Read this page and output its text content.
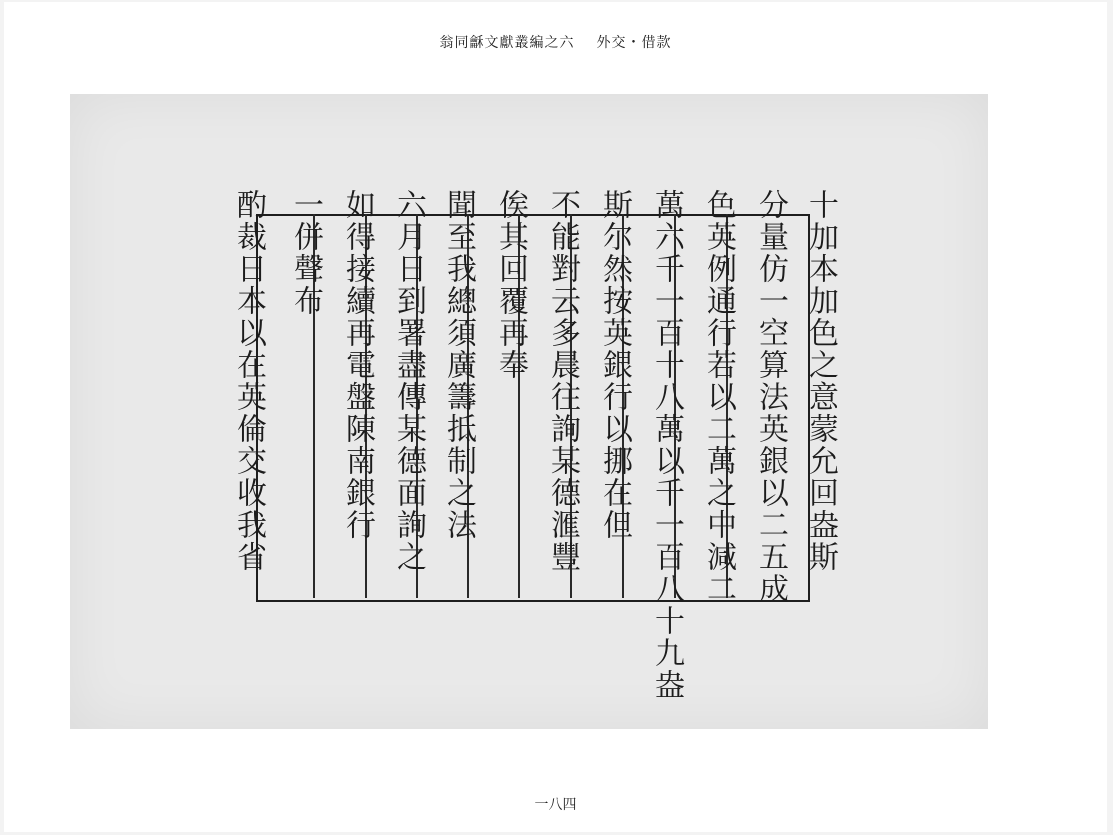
翁同龢文獻叢編之六 外交・借款
十加本加色之意蒙允回盎斯
分量仿一空算法英銀以二五成
色英例通行若以二萬之中減二
萬六千一百十八萬以千一百八十九盎
斯尔然按英銀行以挪在但
不能對云多晨往詢某德滙豐
俟其回覆再奉
聞至我總須廣籌抵制之法
六月日到署盡傳某德面詢之
如得接續再電盤陳南銀行
一併聲布
酌裁日本以在英倫交收我省
一八四
